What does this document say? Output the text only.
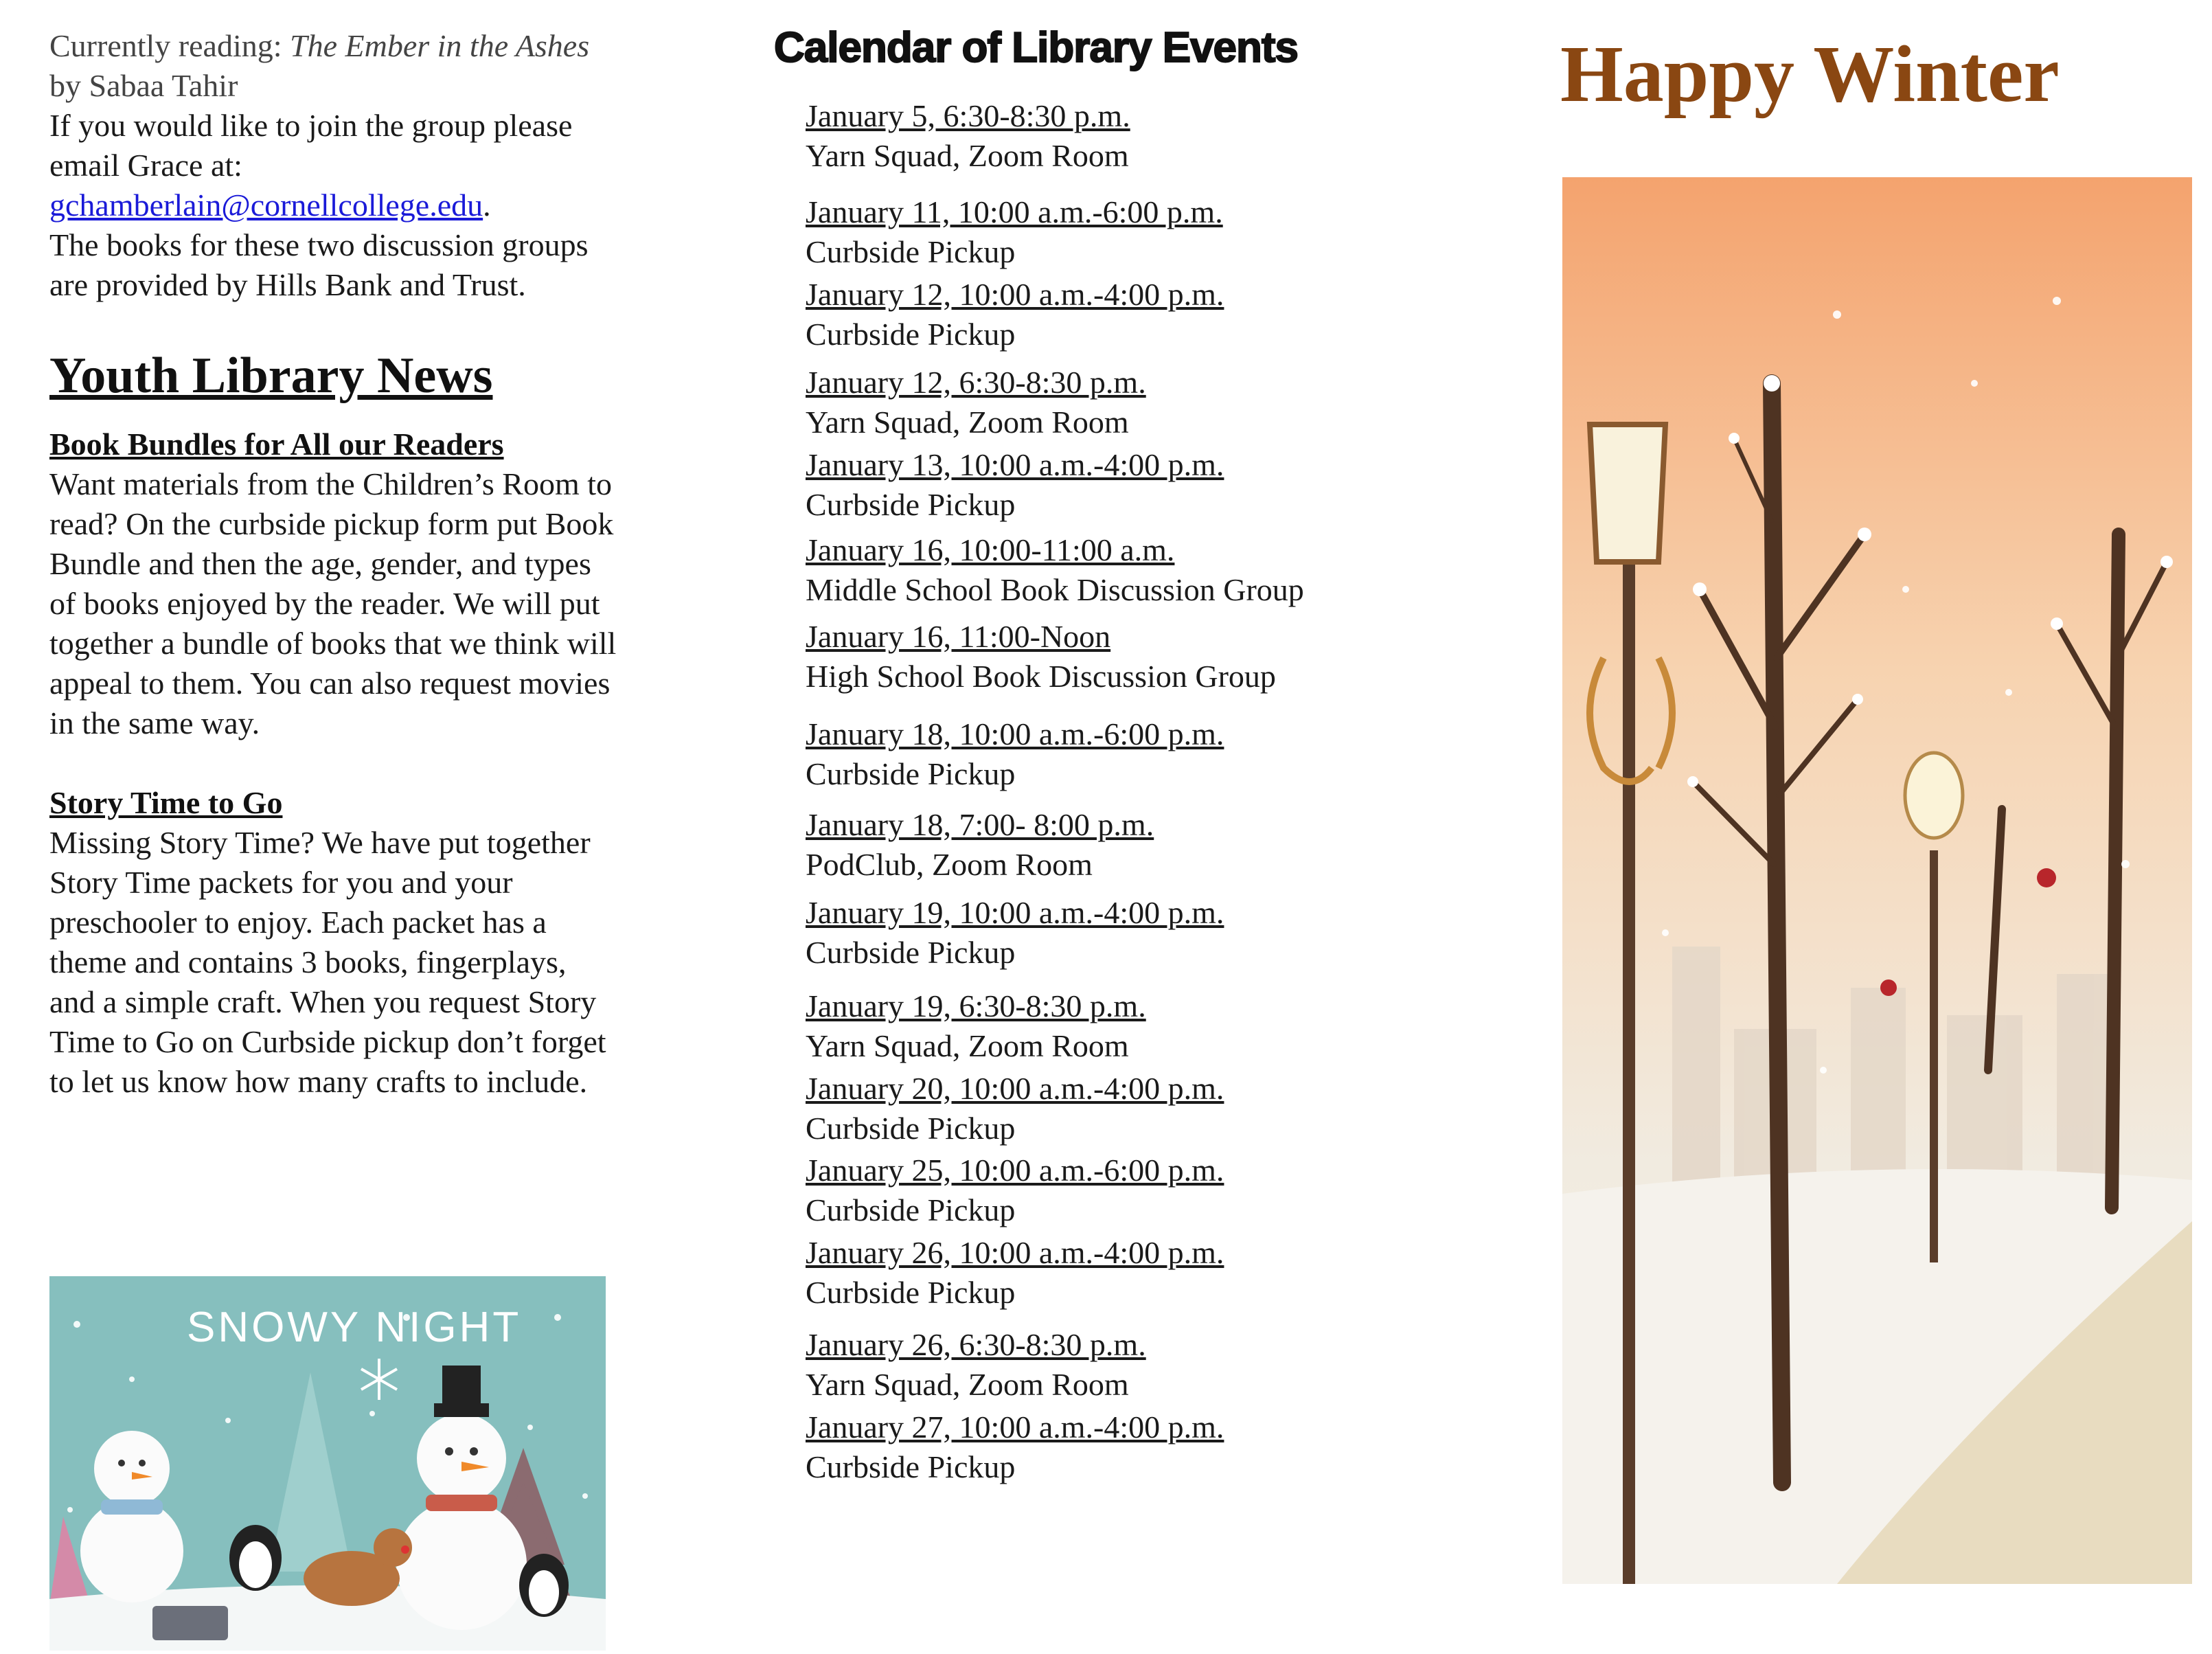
Currently reading: The Ember in the Ashes by Sabaa Tahir

If you would like to join the group please email Grace at:

gchamberlain@cornellcollege.edu.

The books for these two discussion groups are provided by Hills Bank and Trust.

Youth Library News
Book Bundles for All our Readers

Want materials from the Children’s Room to read? On the curbside pickup form put Book Bundle and then the age, gender, and types of books enjoyed by the reader. We will put together a bundle of books that we think will appeal to them. You can also request movies in the same way.

Story Time to Go

Missing Story Time? We have put together Story Time packets for you and your preschooler to enjoy. Each packet has a theme and contains 3 books, fingerplays, and a simple craft. When you request Story Time to Go on Curbside pickup don’t forget to let us know how many crafts to include.

SNOWY NIGHT
Calendar of Library Events
January 5, 6:30-8:30 p.m.
Yarn Squad, Zoom Room
January 11, 10:00 a.m.-6:00 p.m.
Curbside Pickup
January 12, 10:00 a.m.-4:00 p.m.
Curbside Pickup
January 12, 6:30-8:30 p.m.
Yarn Squad, Zoom Room
January 13, 10:00 a.m.-4:00 p.m.
Curbside Pickup
January 16, 10:00-11:00 a.m.
Middle School Book Discussion Group
January 16, 11:00-Noon
High School Book Discussion Group
January 18, 10:00 a.m.-6:00 p.m.
Curbside Pickup
January 18, 7:00- 8:00 p.m.
PodClub, Zoom Room
January 19, 10:00 a.m.-4:00 p.m.
Curbside Pickup
January 19, 6:30-8:30 p.m.
Yarn Squad, Zoom Room
January 20, 10:00 a.m.-4:00 p.m.
Curbside Pickup
January 25, 10:00 a.m.-6:00 p.m.
Curbside Pickup
January 26, 10:00 a.m.-4:00 p.m.
Curbside Pickup
January 26, 6:30-8:30 p.m.
Yarn Squad, Zoom Room
January 27, 10:00 a.m.-4:00 p.m.
Curbside Pickup
Happy Winter
